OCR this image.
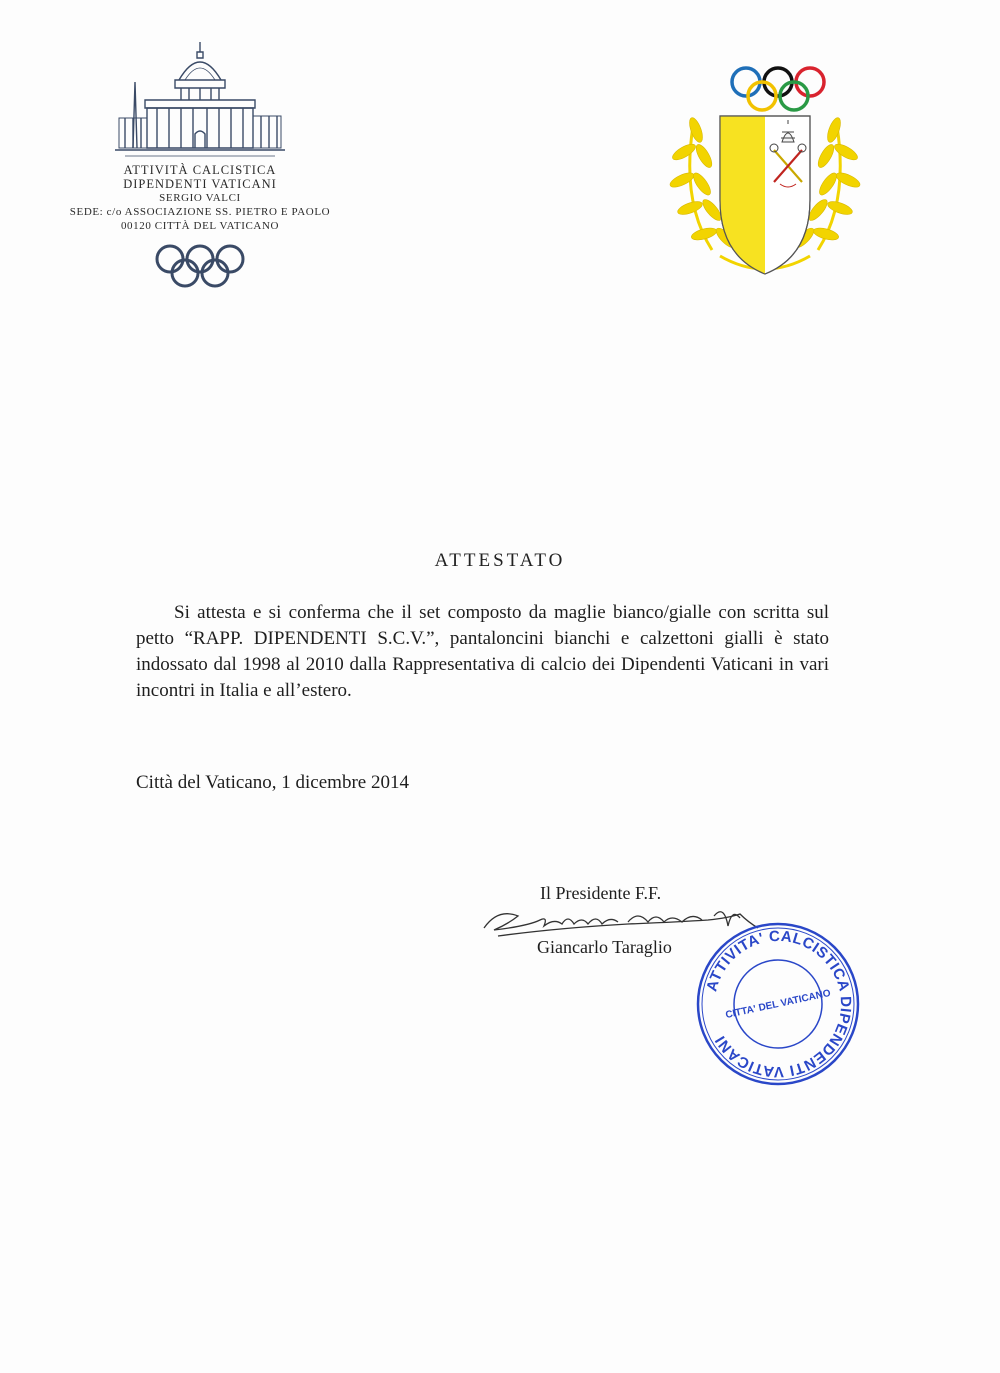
ATTIVITÀ CALCISTICA
DIPENDENTI VATICANI
SERGIO VALCI
SEDE: c/o ASSOCIAZIONE SS. PIETRO E PAOLO
00120 CITTÀ DEL VATICANO
ATTESTATO
Si attesta e si conferma che il set composto da maglie bianco/gialle con scritta sul petto “RAPP. DIPENDENTI S.C.V.”, pantaloncini bianchi e calzettoni gialli è stato indossato dal 1998 al 2010 dalla Rappresentativa di calcio dei Dipendenti Vaticani in vari incontri in Italia e all’estero.
Città del Vaticano, 1 dicembre 2014
Il Presidente F.F.
Giancarlo Taraglio
ATTIVITA' CALCISTICA DIPENDENTI VATICANI
CITTA' DEL VATICANO
